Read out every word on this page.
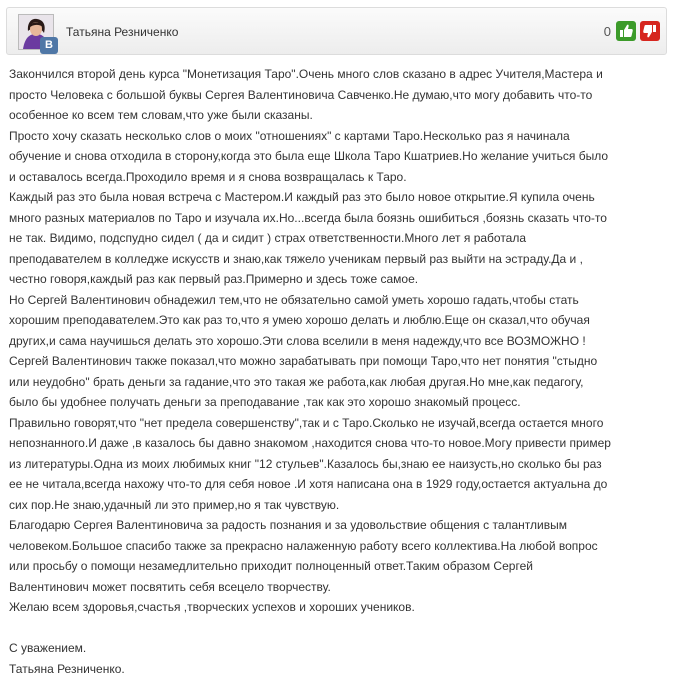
В
Татьяна Резниченко	0

Закончился второй день курса "Монетизация Таро".Очень много слов сказано в адрес Учителя,Мастера и

просто Человека с большой буквы Сергея Валентиновича Савченко.Не думаю,что могу добавить что-то

особенное ко всем тем словам,что уже были сказаны.

Просто хочу сказать несколько слов о моих "отношениях" с картами Таро.Несколько раз я начинала

обучение и снова отходила в сторону,когда это была еще Школа Таро Кшатриев.Но желание учиться было

и оставалось всегда.Проходило время и я снова возвращалась к Таро.

Каждый раз это была новая встреча с Мастером.И каждый раз это было новое открытие.Я купила очень

много разных материалов по Таро и изучала их.Но...всегда была боязнь ошибиться ,боязнь сказать что-то

не так. Видимо, подспудно сидел ( да и сидит ) страх ответственности.Много лет я работала

преподавателем в колледже искусств и знаю,как тяжело ученикам первый раз выйти на эстраду.Да и ,

честно говоря,каждый раз как первый раз.Примерно и здесь тоже самое.

Но Сергей Валентинович обнадежил тем,что не обязательно самой уметь хорошо гадать,чтобы стать

хорошим преподавателем.Это как раз то,что я умею хорошо делать и люблю.Еще он сказал,что обучая

других,и сама научишься делать это хорошо.Эти слова вселили в меня надежду,что все ВОЗМОЖНО !

Сергей Валентинович также показал,что можно зарабатывать при помощи Таро,что нет понятия "стыдно

или неудобно" брать деньги за гадание,что это такая же работа,как любая другая.Но мне,как педагогу,

было бы удобнее получать деньги за преподавание ,так как это хорошо знакомый процесс.

Правильно говорят,что "нет предела совершенству",так и с Таро.Сколько не изучай,всегда остается много

непознанного.И даже ,в казалось бы давно знакомом ,находится снова что-то новое.Могу привести пример

из литературы.Одна из моих любимых книг "12 стульев".Казалось бы,знаю ее наизусть,но сколько бы раз

ее не читала,всегда нахожу что-то для себя новое .И хотя написана она в 1929 году,остается актуальна до

сих пор.Не знаю,удачный ли это пример,но я так чувствую.

Благодарю Сергея Валентиновича за радость познания и за удовольствие общения с талантливым

человеком.Большое спасибо также за прекрасно налаженную работу всего коллектива.На любой вопрос

или просьбу о помощи незамедлительно приходит полноценный ответ.Таким образом Сергей

Валентинович может посвятить себя всецело творчеству.

Желаю всем здоровья,счастья ,творческих успехов и хороших учеников.

С уважением.

Татьяна Резниченко.
